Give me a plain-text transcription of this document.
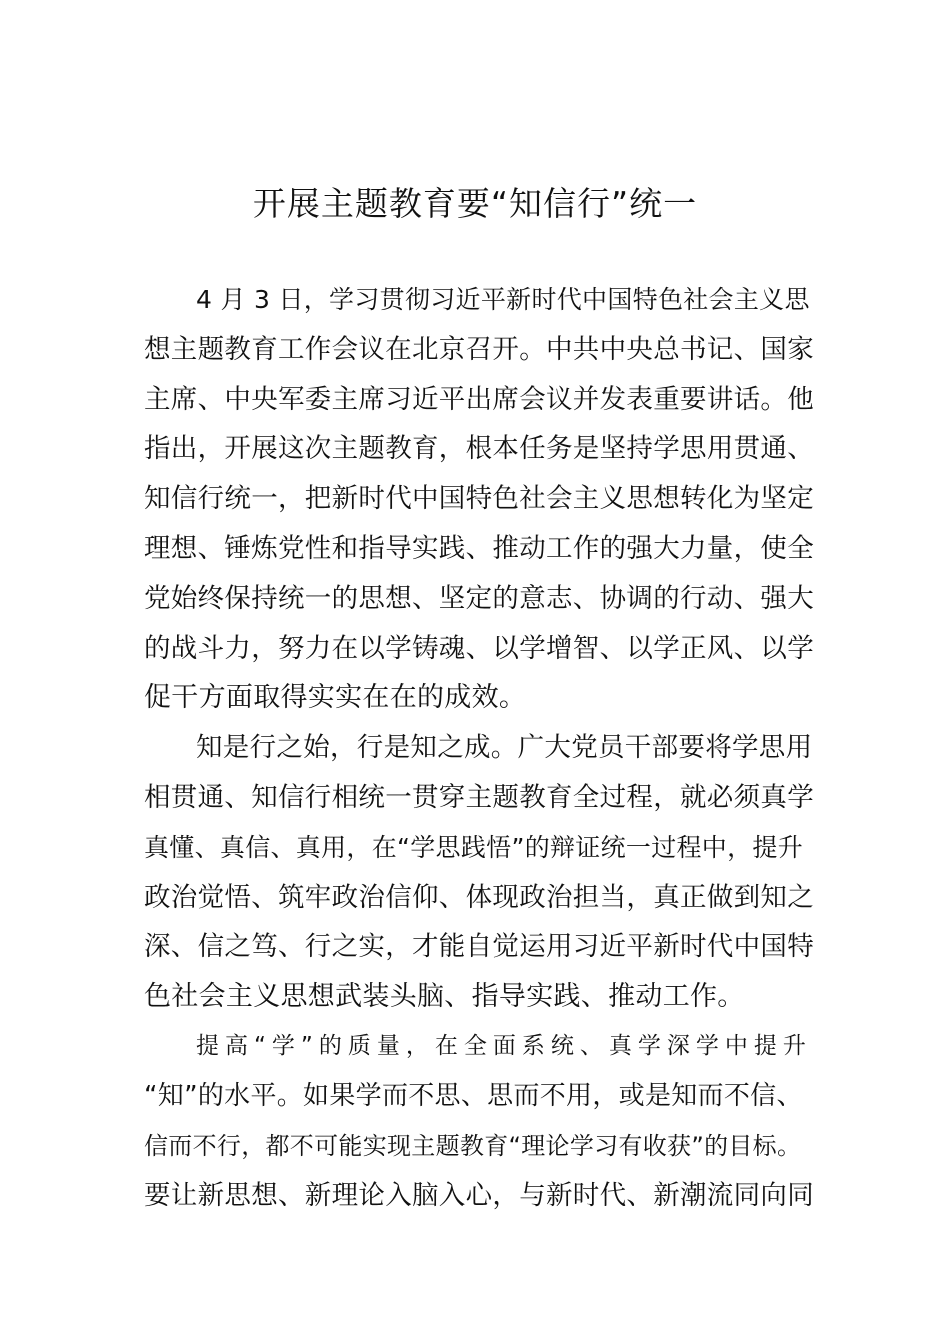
开展主题教育要“知信行”统一
4 月 3 日，学习贯彻习近平新时代中国特色社会主义思
想主题教育工作会议在北京召开。中共中央总书记、国家
主席、中央军委主席习近平出席会议并发表重要讲话。他
指出，开展这次主题教育，根本任务是坚持学思用贯通、
知信行统一，把新时代中国特色社会主义思想转化为坚定
理想、锤炼党性和指导实践、推动工作的强大力量，使全
党始终保持统一的思想、坚定的意志、协调的行动、强大
的战斗力，努力在以学铸魂、以学增智、以学正风、以学
促干方面取得实实在在的成效。
知是行之始，行是知之成。广大党员干部要将学思用
相贯通、知信行相统一贯穿主题教育全过程，就必须真学
真懂、真信、真用，在“学思践悟”的辩证统一过程中，提升
政治觉悟、筑牢政治信仰、体现政治担当，真正做到知之
深、信之笃、行之实，才能自觉运用习近平新时代中国特
色社会主义思想武装头脑、指导实践、推动工作。
提高“学”的质量，在全面系统、真学深学中提升
“知”的水平。如果学而不思、思而不用，或是知而不信、
信而不行，都不可能实现主题教育“理论学习有收获”的目标。
要让新思想、新理论入脑入心，与新时代、新潮流同向同
